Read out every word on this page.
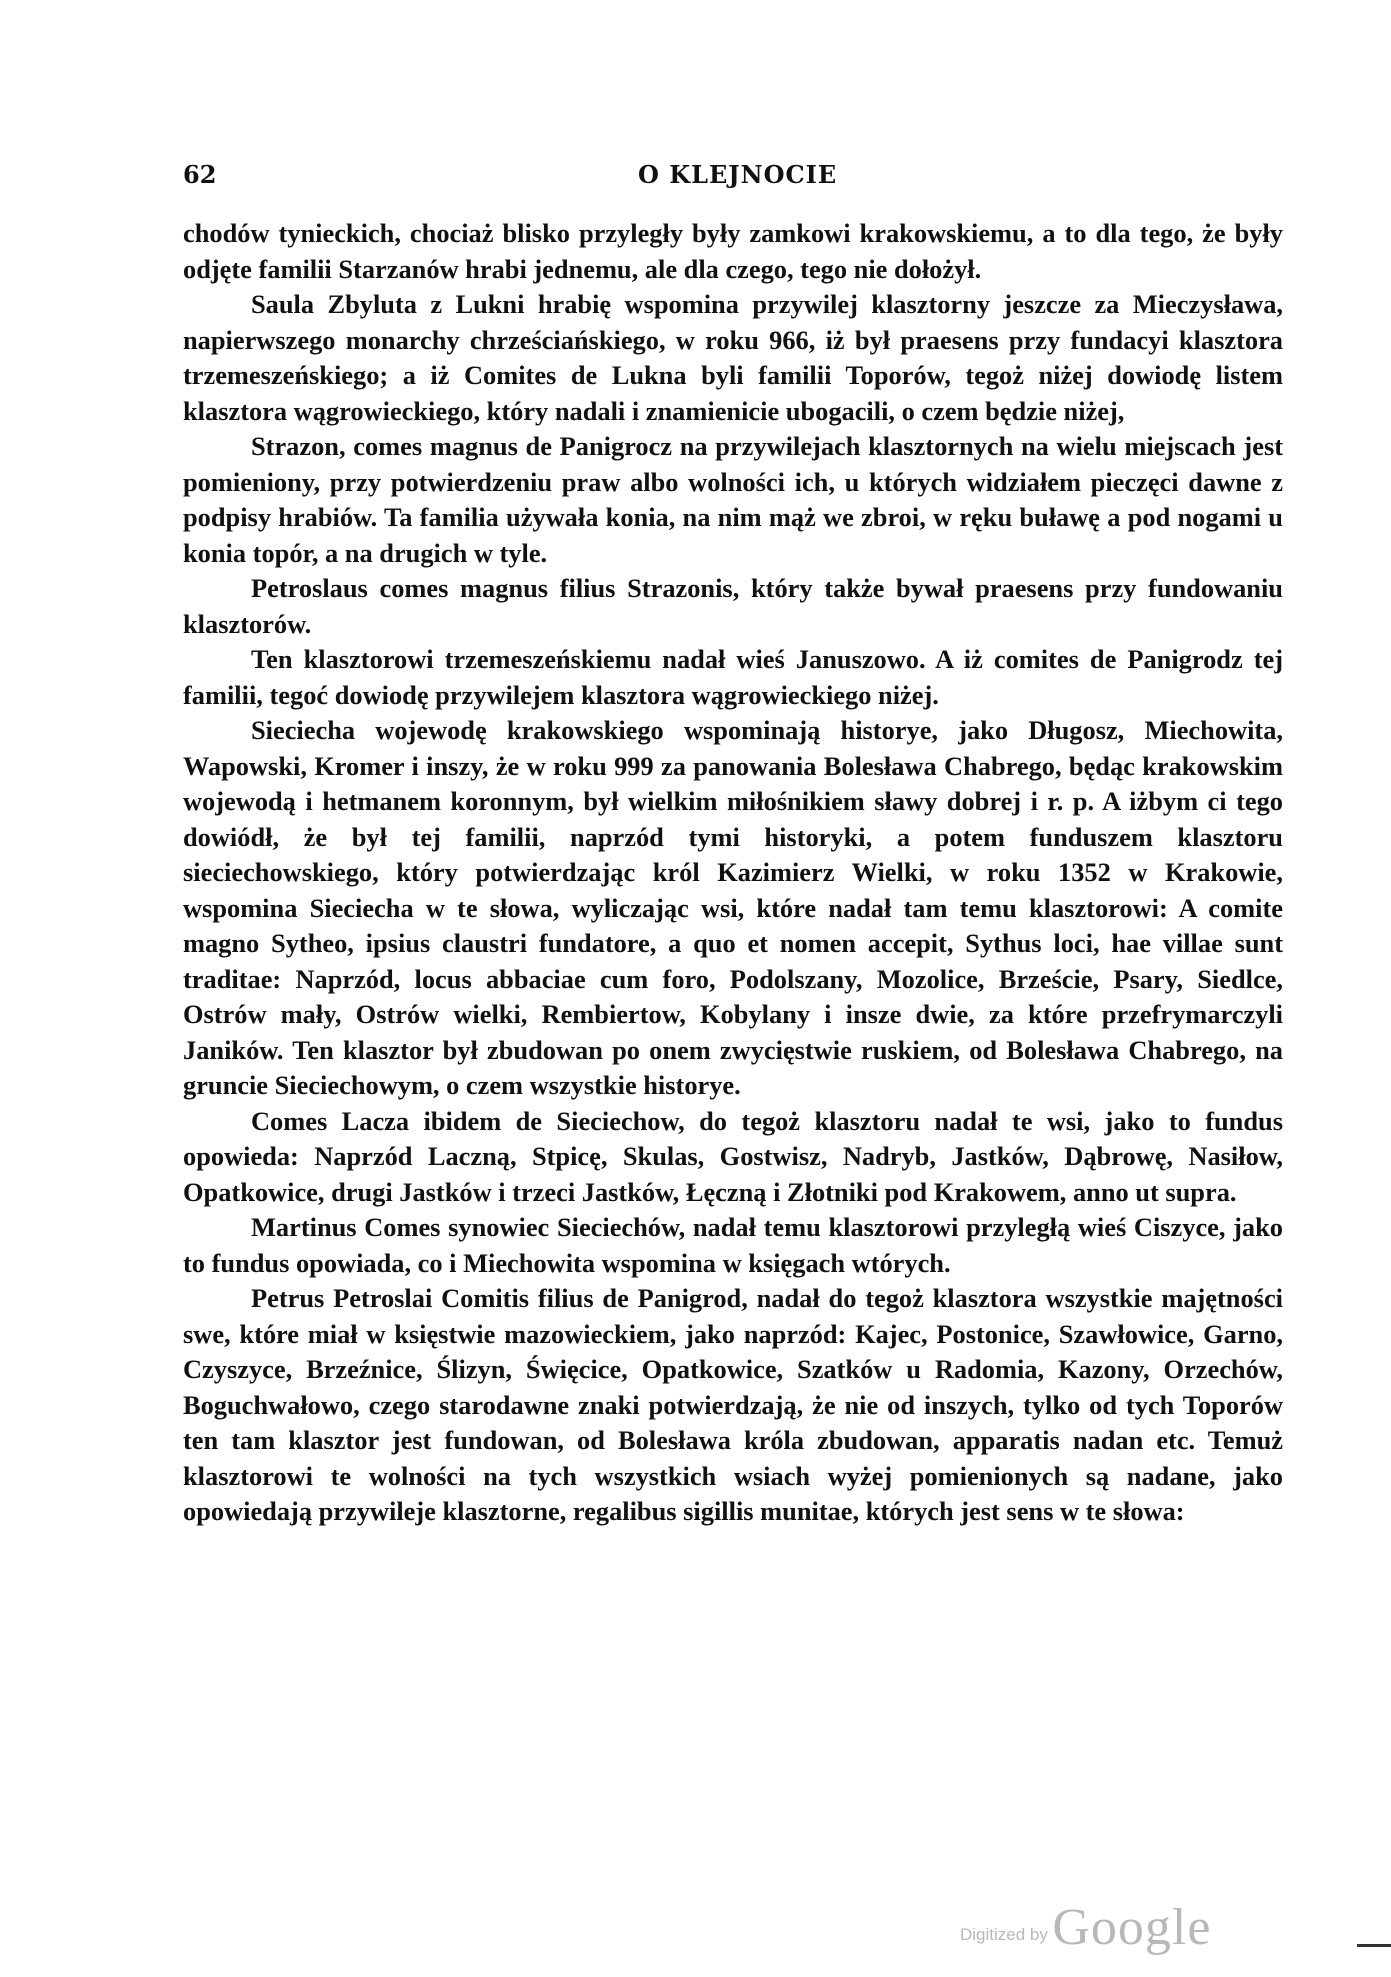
62	O KLEJNOCIE

chodów tynieckich, chociaż blisko przyległy były zamkowi krakowskiemu, a to dla tego, że były odjęte familii Starzanów hrabi jednemu, ale dla czego, tego nie dołożył.

Saula Zbyluta z Lukni hrabię wspomina przywilej klasztorny jeszcze za Mieczysława, napierwszego monarchy chrześciańskiego, w roku 966, iż był praesens przy fundacyi klasztora trzemeszeńskiego; a iż Comites de Lukna byli familii Toporów, tegoż niżej dowiodę listem klasztora wągrowieckiego, który nadali i znamienicie ubogacili, o czem będzie niżej,

Strazon, comes magnus de Panigrocz na przywilejach klasztornych na wielu miejscach jest pomieniony, przy potwierdzeniu praw albo wolności ich, u których widziałem pieczęci dawne z podpisy hrabiów. Ta familia używała konia, na nim mąż we zbroi, w ręku buławę a pod nogami u konia topór, a na drugich w tyle.

Petroslaus comes magnus filius Strazonis, który także bywał praesens przy fundowaniu klasztorów.

Ten klasztorowi trzemeszeńskiemu nadał wieś Januszowo. A iż comites de Panigrodz tej familii, tegoć dowiodę przywilejem klasztora wągrowieckiego niżej.

Sieciecha wojewodę krakowskiego wspominają historye, jako Długosz, Miechowita, Wapowski, Kromer i inszy, że w roku 999 za panowania Bolesława Chabrego, będąc krakowskim wojewodą i hetmanem koronnym, był wielkim miłośnikiem sławy dobrej i r. p. A iżbym ci tego dowiódł, że był tej familii, naprzód tymi historyki, a potem funduszem klasztoru sieciechowskiego, który potwierdzając król Kazimierz Wielki, w roku 1352 w Krakowie, wspomina Sieciecha w te słowa, wyliczając wsi, które nadał tam temu klasztorowi: A comite magno Sytheo, ipsius claustri fundatore, a quo et nomen accepit, Sythus loci, hae villae sunt traditae: Naprzód, locus abbaciae cum foro, Podolszany, Mozolice, Brzeście, Psary, Siedlce, Ostrów mały, Ostrów wielki, Rembiertow, Kobylany i insze dwie, za które przefrymarczyli Janików. Ten klasztor był zbudowan po onem zwycięstwie ruskiem, od Bolesława Chabrego, na gruncie Sieciechowym, o czem wszystkie historye.

Comes Lacza ibidem de Sieciechow, do tegoż klasztoru nadał te wsi, jako to fundus opowieda: Naprzód Laczną, Stpicę, Skulas, Gostwisz, Nadryb, Jastków, Dąbrowę, Nasiłow, Opatkowice, drugi Jastków i trzeci Jastków, Łęczną i Złotniki pod Krakowem, anno ut supra.

Martinus Comes synowiec Sieciechów, nadał temu klasztorowi przyległą wieś Ciszyce, jako to fundus opowiada, co i Miechowita wspomina w księgach wtórych.

Petrus Petroslai Comitis filius de Panigrod, nadał do tegoż klasztora wszystkie majętności swe, które miał w księstwie mazowieckiem, jako naprzód: Kajec, Postonice, Szawłowice, Garno, Czyszyce, Brzeźnice, Ślizyn, Święcice, Opatkowice, Szatków u Radomia, Kazony, Orzechów, Boguchwałowo, czego starodawne znaki potwierdzają, że nie od inszych, tylko od tych Toporów ten tam klasztor jest fundowan, od Bolesława króla zbudowan, apparatis nadan etc. Temuż klasztorowi te wolności na tych wszystkich wsiach wyżej pomienionych są nadane, jako opowiedają przywileje klasztorne, regalibus sigillis munitae, których jest sens w te słowa:

Digitized by Google
